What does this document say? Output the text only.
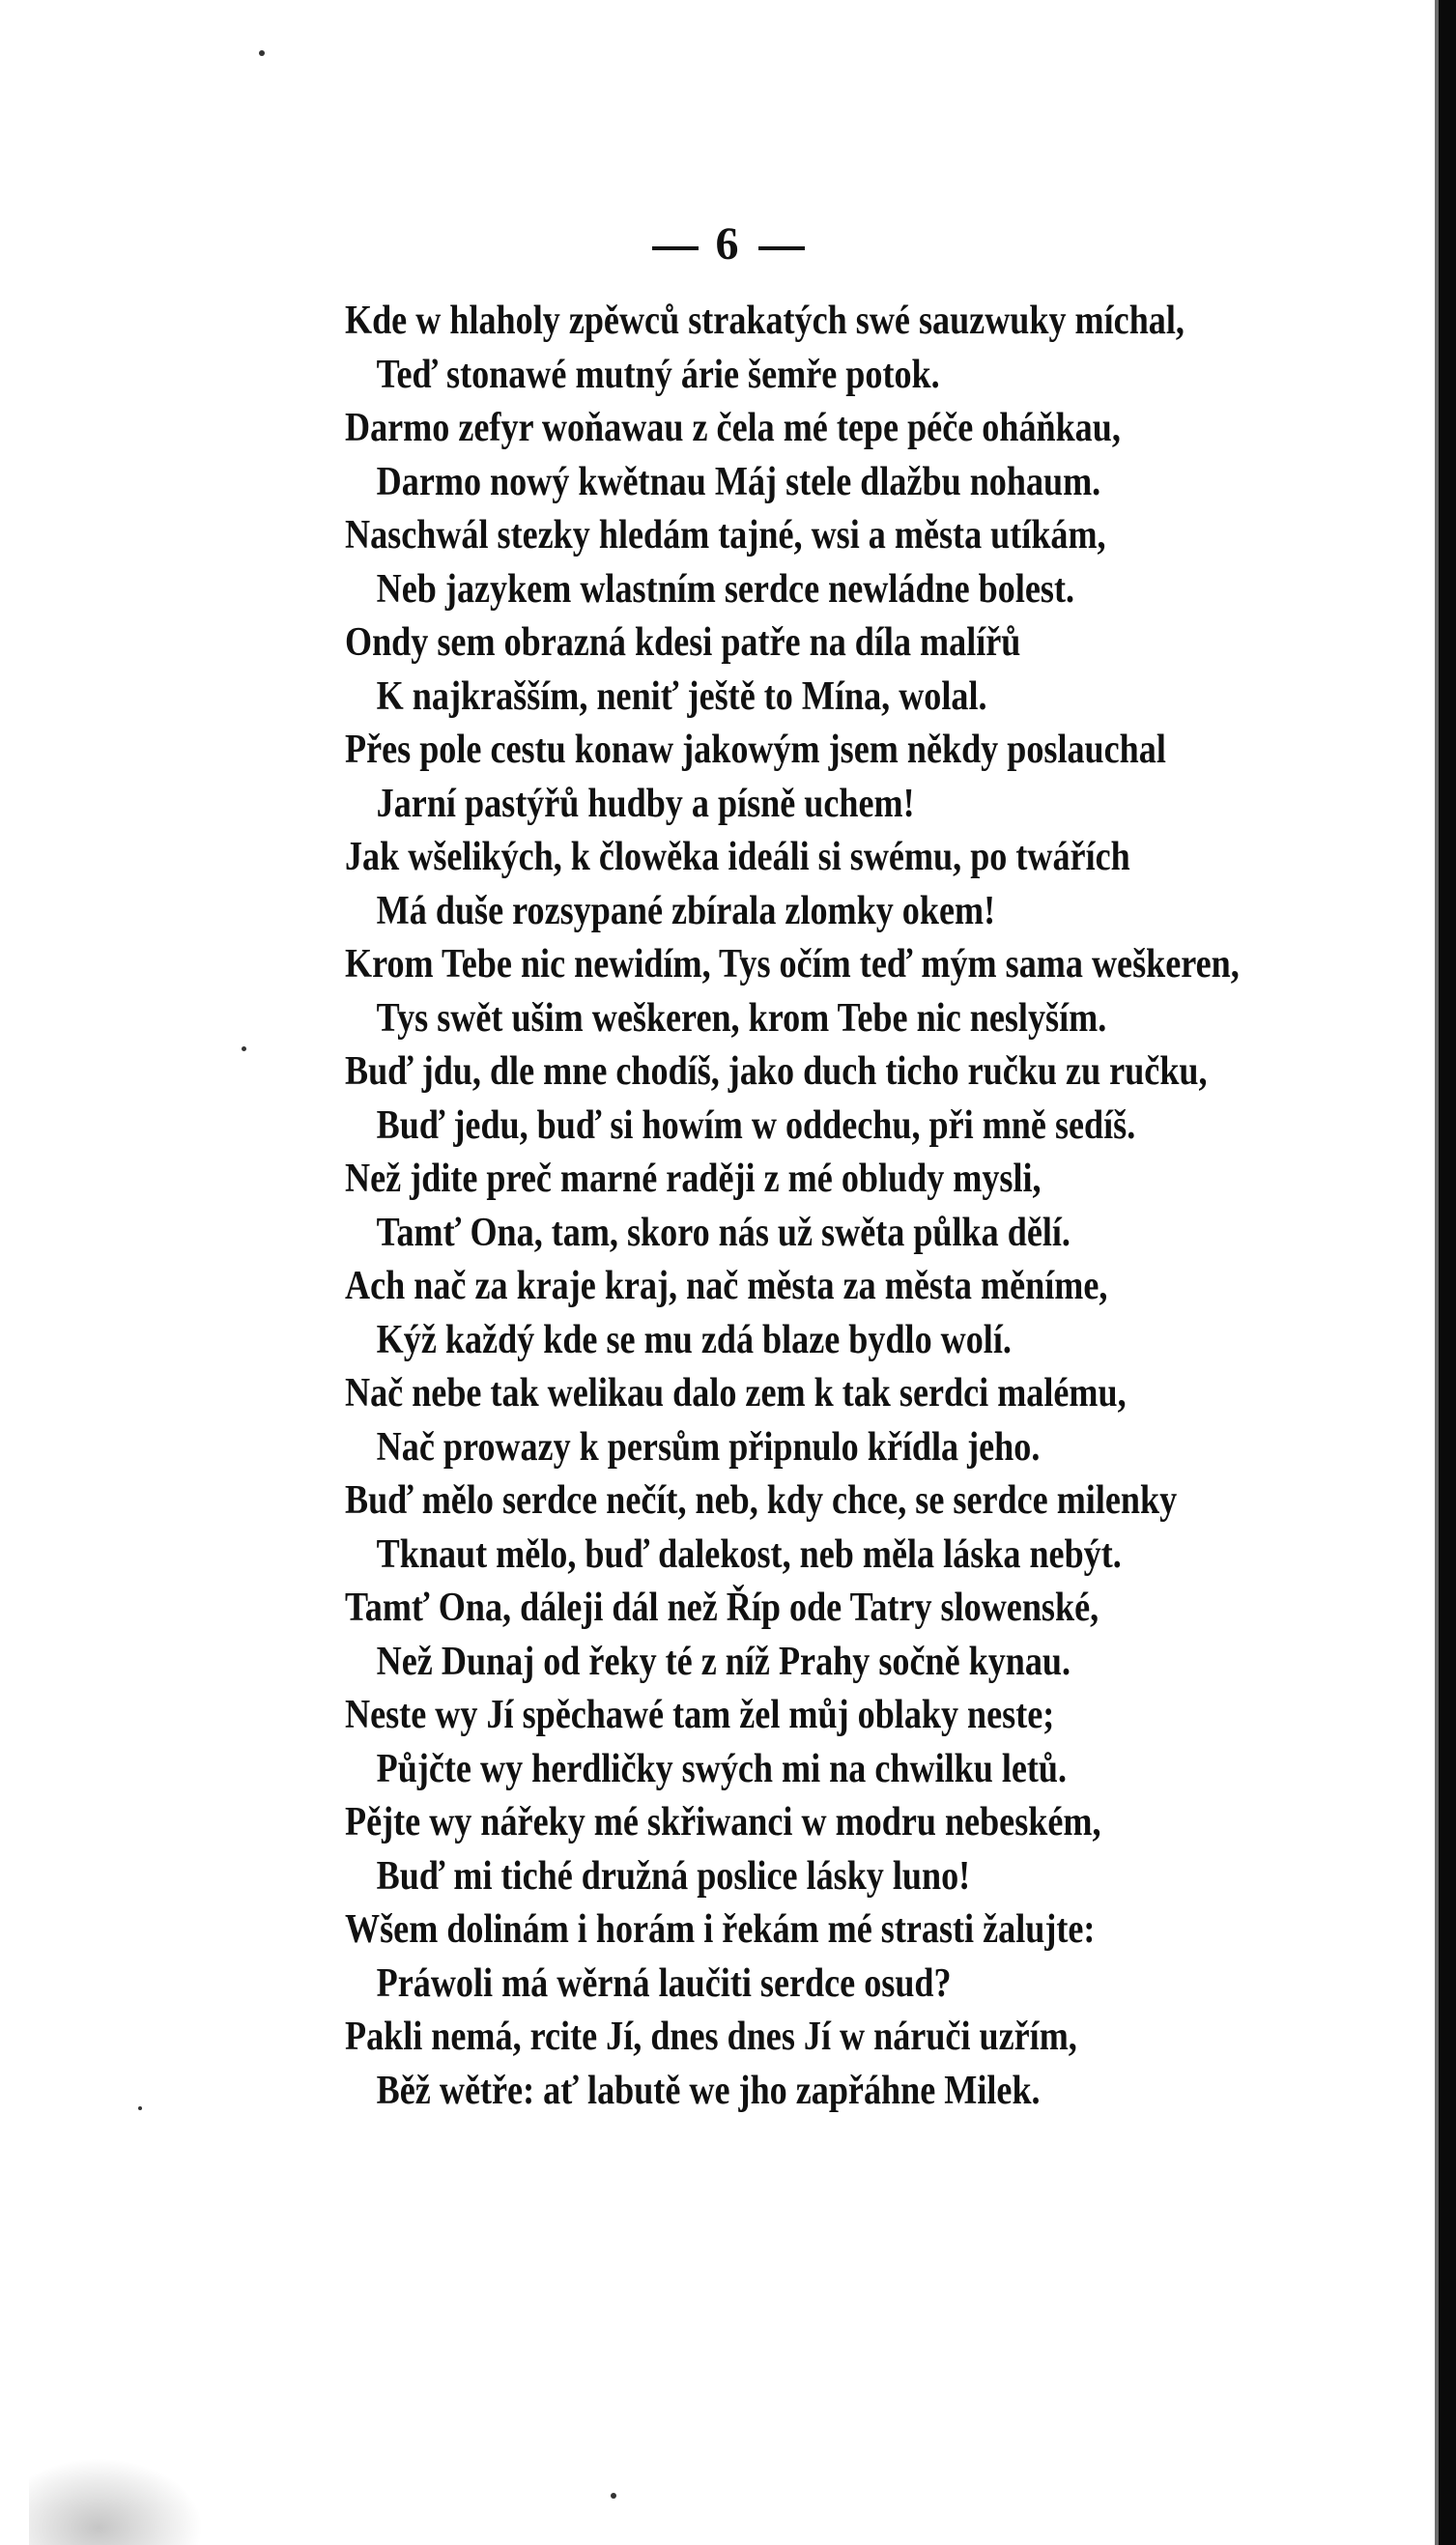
6
Kde w hlaholy zpěwců strakatých swé sauzwuky míchal,
Teď stonawé mutný árie šemře potok.
Darmo zefyr woňawau z čela mé tepe péče oháňkau,
Darmo nowý kwětnau Máj stele dlažbu nohaum.
Naschwál stezky hledám tajné, wsi a města utíkám,
Neb jazykem wlastním serdce newládne bolest.
Ondy sem obrazná kdesi patře na díla malířů
K najkrašším, neniť ještě to Mína, wolal.
Přes pole cestu konaw jakowým jsem někdy poslauchal
Jarní pastýřů hudby a písně uchem!
Jak wšelikých, k člowěka ideáli si swému, po twářích
Má duše rozsypané zbírala zlomky okem!
Krom Tebe nic newidím, Tys očím teď mým sama weškeren,
Tys swět ušim weškeren, krom Tebe nic neslyším.
Buď jdu, dle mne chodíš, jako duch ticho ručku zu ručku,
Buď jedu, buď si howím w oddechu, při mně sedíš.
Než jdite preč marné raději z mé obludy mysli,
Tamť Ona, tam, skoro nás už swěta půlka dělí.
Ach nač za kraje kraj, nač města za města měníme,
Kýž každý kde se mu zdá blaze bydlo wolí.
Nač nebe tak welikau dalo zem k tak serdci malému,
Nač prowazy k persům připnulo křídla jeho.
Buď mělo serdce nečít, neb, kdy chce, se serdce milenky
Tknaut mělo, buď dalekost, neb měla láska nebýt.
Tamť Ona, dáleji dál než Říp ode Tatry slowenské,
Než Dunaj od řeky té z níž Prahy sočně kynau.
Neste wy Jí spěchawé tam žel můj oblaky neste;
Půjčte wy herdličky swých mi na chwilku letů.
Pějte wy nářeky mé skřiwanci w modru nebeském,
Buď mi tiché družná poslice lásky luno!
Wšem dolinám i horám i řekám mé strasti žalujte:
Práwoli má wěrná laučiti serdce osud?
Pakli nemá, rcite Jí, dnes dnes Jí w náruči uzřím,
Běž wětře: ať labutě we jho zapřáhne Milek.
